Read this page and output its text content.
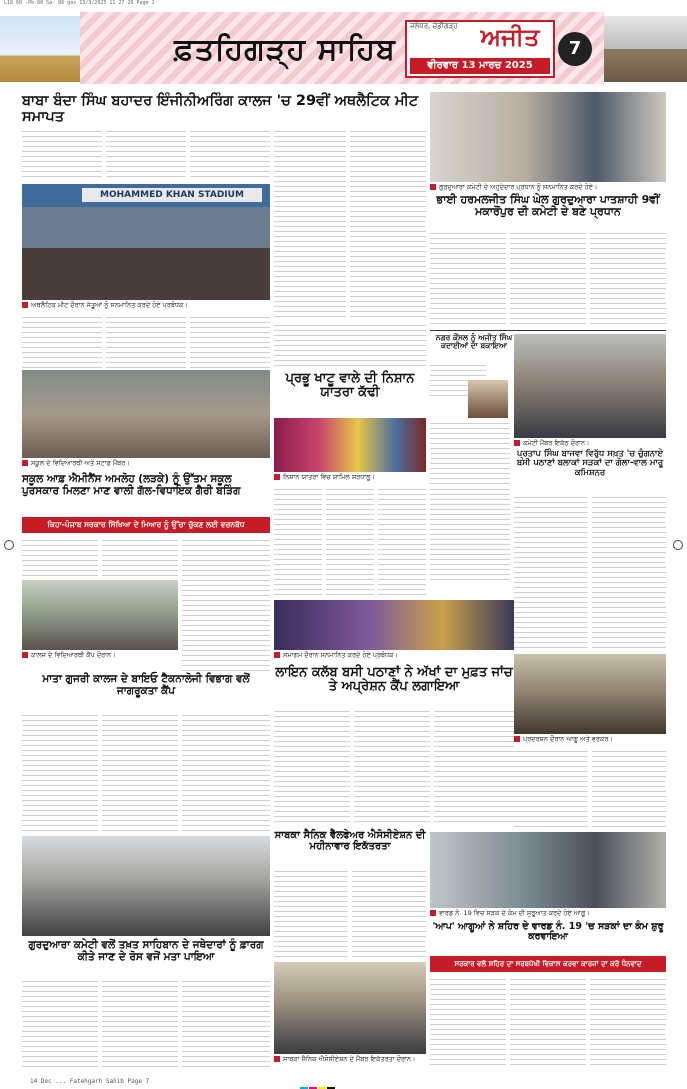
L18 60 -Pb 60 Sa- 86 gas 13/3/2025 11 27 20 Page 1
ਫ਼ਤਹਿਗੜ੍ਹ ਸਾਹਿਬ
ਜਲੰਧਰ, ਚੰਡੀਗੜ੍ਹ ਅਜੀਤ
ਵੀਰਵਾਰ 13 ਮਾਰਚ 2025
7
ਬਾਬਾ ਬੰਦਾ ਸਿੰਘ ਬਹਾਦਰ ਇੰਜੀਨੀਅਰਿੰਗ ਕਾਲਜ 'ਚ 29ਵੀਂ ਅਥਲੈਟਿਕ ਮੀਟ ਸਮਾਪਤ
MOHAMMED KHAN STADIUM
ਅਥਲੈਟਿਕ ਮੀਟ ਦੌਰਾਨ ਜੇਤੂਆਂ ਨੂੰ ਸਨਮਾਨਿਤ ਕਰਦੇ ਹੋਏ ਪ੍ਰਬੰਧਕ।
ਗੁਰਦੁਆਰਾ ਕਮੇਟੀ ਦੇ ਅਹੁਦੇਦਾਰ ਪ੍ਰਧਾਨ ਨੂੰ ਸਨਮਾਨਿਤ ਕਰਦੇ ਹੋਏ।
ਭਾਈ ਹਰਮਲਜੀਤ ਸਿੰਘ ਘੇਲ ਗੁਰਦੁਆਰਾ ਪਾਤਸ਼ਾਹੀ 9ਵੀਂ ਮਕਾਰੋਂਪੁਰ ਦੀ ਕਮੇਟੀ ਦੇ ਬਣੇ ਪ੍ਰਧਾਨ
ਸਕੂਲ ਦੇ ਵਿਦਿਆਰਥੀ ਅਤੇ ਸਟਾਫ਼ ਮੈਂਬਰ।
ਪ੍ਰਭੂ ਖਾਟੂ ਵਾਲੇ ਦੀ ਨਿਸ਼ਾਨ ਯਾਤਰਾ ਕੱਢੀ
ਨਿਸ਼ਾਨ ਯਾਤਰਾ ਵਿਚ ਸ਼ਾਮਿਲ ਸ਼ਰਧਾਲੂ।
ਨਗਰ ਕੌਂਸਲ ਨੂੰ ਅਜੀਤ ਸਿੰਘ ਕਦਾਈਆਂ ਦਾ ਬਕਾਇਆ
ਕਮੇਟੀ ਮੈਂਬਰ ਇਕੱਠ ਦੌਰਾਨ।
ਪ੍ਰਤਾਪ ਸਿੰਘ ਬਾਜਵਾ ਵਿਰੁੱਧ ਸਖ਼ਤ 'ਚ ਚੁੰਗਨਾਏ ਬਸੀ ਪਠਾਣਾਂ ਬਲਾਕਾਂ ਸੜਕਾਂ ਦਾ ਗੋਲਾ-ਵਾਲ ਮਾਰੂ ਕਮਿਸ਼ਨਰ
ਸਕੂਲ ਆਫ਼ ਐਮੀਨੈਂਸ ਅਮਲੋਹ (ਲੜਕੇ) ਨੂੰ ਉੱਤਮ ਸਕੂਲ ਪੁਰਸਕਾਰ ਮਿਲਣਾ ਮਾਣ ਵਾਲੀ ਗੱਲ-ਵਿਧਾਇਕ ਗੈਰੀ ਬੜਿੰਗ
ਕਿਹਾ-ਪੰਜਾਬ ਸਰਕਾਰ ਸਿੱਖਿਆ ਦੇ ਮਿਆਰ ਨੂੰ ਉੱਚਾ ਚੁੱਕਣ ਲਈ ਵਚਨਬੱਧ
ਸਮਾਗਮ ਦੌਰਾਨ ਸਨਮਾਨਿਤ ਕਰਦੇ ਹੋਏ ਪ੍ਰਬੰਧਕ।
ਕਾਲਜ ਦੇ ਵਿਦਿਆਰਥੀ ਕੈਂਪ ਦੌਰਾਨ।
ਮਾਤਾ ਗੁਜਰੀ ਕਾਲਜ ਦੇ ਬਾਇਓ ਟੈਕਨਾਲੋਜੀ ਵਿਭਾਗ ਵਲੋਂ ਜਾਗਰੂਕਤਾ ਕੈਂਪ
ਲਾਇਨ ਕਲੱਬ ਬਸੀ ਪਠਾਣਾਂ ਨੇ ਅੱਖਾਂ ਦਾ ਮੁਫ਼ਤ ਜਾਂਚ ਤੇ ਅਪ੍ਰੇਸ਼ਨ ਕੈਂਪ ਲਗਾਇਆ
ਪ੍ਰਦਰਸ਼ਨ ਦੌਰਾਨ ਆਗੂ ਅਤੇ ਵਰਕਰ।
ਗੁਰਦੁਆਰਾ ਕਮੇਟੀ ਵਲੋਂ ਤਖ਼ਤ ਸਾਹਿਬਾਨ ਦੇ ਜਥੇਦਾਰਾਂ ਨੂੰ ਫ਼ਾਰਗ ਕੀਤੇ ਜਾਣ ਦੇ ਰੋਸ ਵਜੋਂ ਮਤਾ ਪਾਇਆ
ਸਾਬਕਾ ਸੈਨਿਕ ਵੈੱਲਫੇਅਰ ਐਸੋਸੀਏਸ਼ਨ ਦੀ ਮਹੀਨਾਵਾਰ ਇਕੱਤਰਤਾ
ਸਾਬਕਾ ਸੈਨਿਕ ਐਸੋਸੀਏਸ਼ਨ ਦੇ ਮੈਂਬਰ ਇਕੱਤਰਤਾ ਦੌਰਾਨ।
ਵਾਰਡ ਨੰ. 19 ਵਿਚ ਸੜਕ ਦੇ ਕੰਮ ਦੀ ਸ਼ੁਰੂਆਤ ਕਰਦੇ ਹੋਏ ਆਗੂ।
'ਆਪ' ਆਗੂਆਂ ਨੇ ਸ਼ਹਿਰ ਦੇ ਵਾਰਡ ਨੰ. 19 'ਚ ਸੜਕਾਂ ਦਾ ਕੰਮ ਸ਼ੁਰੂ ਕਰਵਾਇਆ
ਸਰਕਾਰ ਵਲੋਂ ਸ਼ਹਿਰ ਦਾ ਸਰਬਪੱਖੀ ਵਿਕਾਸ ਕਰਵਾ ਕਾਰਜਾਂ ਦਾ ਕਰੋ ਧੰਨਵਾਦ
14 Dec ... Fatehgarh Sahib Page 7
